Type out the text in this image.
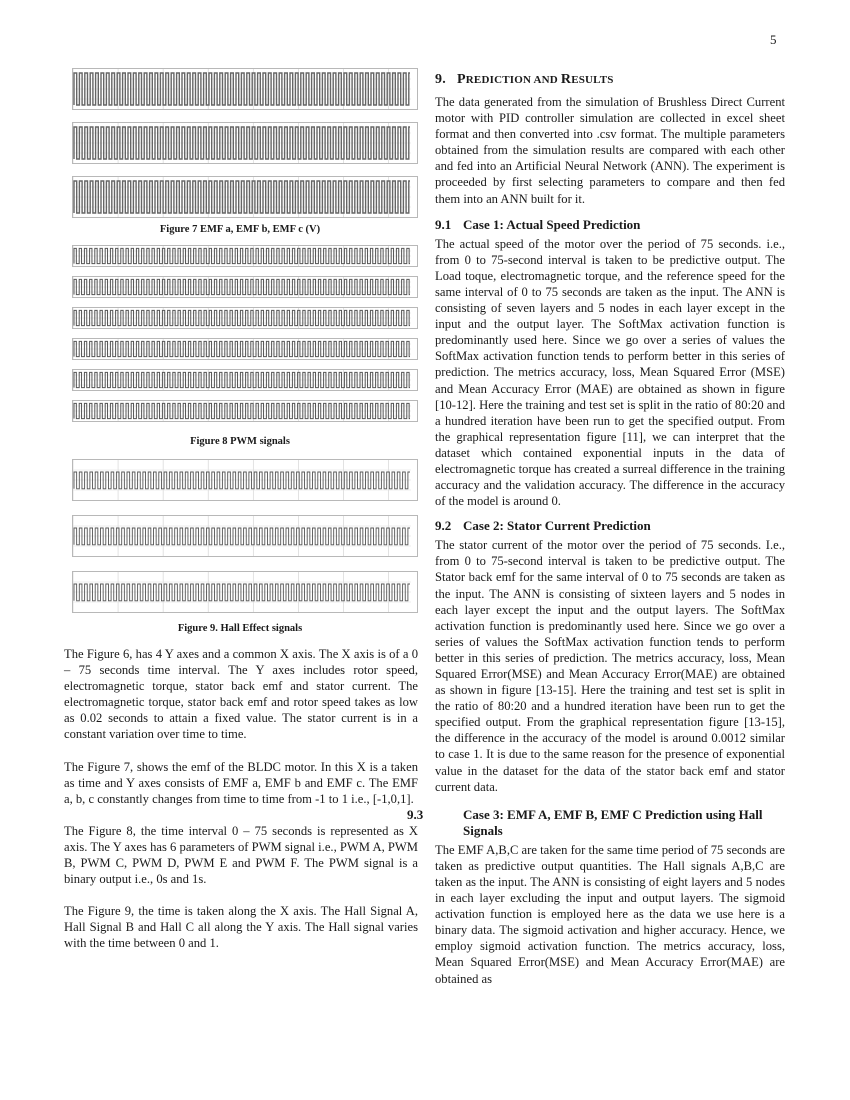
5
Figure 7 EMF a, EMF b, EMF c (V)
Figure 8 PWM signals
Figure 9. Hall Effect signals

The Figure 6, has 4 Y axes and a common X axis. The X axis is of a 0 – 75 seconds time interval. The Y axes includes rotor speed, electromagnetic torque, stator back emf and stator current. The electromagnetic torque, stator back emf and rotor speed takes as low as 0.02 seconds to attain a fixed value. The stator current is in a constant variation over time to time.

The Figure 7, shows the emf of the BLDC motor. In this X is a taken as time and Y axes consists of EMF a, EMF b and EMF c. The EMF a, b, c constantly changes from time to time from -1 to 1 i.e., [-1,0,1].

The Figure 8, the time interval 0 – 75 seconds is represented as X axis. The Y axes has 6 parameters of PWM signal i.e., PWM A, PWM B, PWM C, PWM D, PWM E and PWM F. The PWM signal is a binary output i.e., 0s and 1s.

The Figure 9, the time is taken along the X axis. The Hall Signal A, Hall Signal B and Hall C all along the Y axis. The Hall signal varies with the time between 0 and 1.

9. PREDICTION AND RESULTS

The data generated from the simulation of Brushless Direct Current motor with PID controller simulation are collected in excel sheet format and then converted into .csv format. The multiple parameters obtained from the simulation results are compared with each other and fed into an Artificial Neural Network (ANN). The experiment is proceeded by first selecting parameters to compare and then fed them into an ANN built for it.

9.1 Case 1: Actual Speed Prediction

The actual speed of the motor over the period of 75 seconds. i.e., from 0 to 75-second interval is taken to be predictive output. The Load toque, electromagnetic torque, and the reference speed for the same interval of 0 to 75 seconds are taken as the input. The ANN is consisting of seven layers and 5 nodes in each layer except in the input and the output layer. The SoftMax activation function is predominantly used here. Since we go over a series of values the SoftMax activation function tends to perform better in this series of prediction. The metrics accuracy, loss, Mean Squared Error (MSE) and Mean Accuracy Error (MAE) are obtained as shown in figure [10-12]. Here the training and test set is split in the ratio of 80:20 and a hundred iteration have been run to get the specified output. From the graphical representation figure [11], we can interpret that the dataset which contained exponential inputs in the data of electromagnetic torque has created a surreal difference in the training accuracy and the validation accuracy. The difference in the accuracy of the model is around 0.

9.2 Case 2: Stator Current Prediction

The stator current of the motor over the period of 75 seconds. I.e., from 0 to 75-second interval is taken to be predictive output. The Stator back emf for the same interval of 0 to 75 seconds are taken as the input. The ANN is consisting of sixteen layers and 5 nodes in each layer except the input and the output layers. The SoftMax activation function is predominantly used here. Since we go over a series of values the SoftMax activation function tends to perform better in this series of prediction. The metrics accuracy, loss, Mean Squared Error(MSE) and Mean Accuracy Error(MAE) are obtained as shown in figure [13-15]. Here the training and test set is split in the ratio of 80:20 and a hundred iteration have been run to get the specified output. From the graphical representation figure [13-15], the difference in the accuracy of the model is around 0.0012 similar to case 1. It is due to the same reason for the presence of exponential value in the dataset for the data of the stator back emf and stator current data.

9.3	Case 3: EMF A, EMF B, EMF C Prediction using Hall Signals

The EMF A,B,C are taken for the same time period of 75 seconds are taken as predictive output quantities. The Hall signals A,B,C are taken as the input. The ANN is consisting of eight layers and 5 nodes in each layer excluding the input and output layers. The sigmoid activation function is employed here as the data we use here is a binary data. The sigmoid activation and higher accuracy. Hence, we employ sigmoid activation function. The metrics accuracy, loss, Mean Squared Error(MSE) and Mean Accuracy Error(MAE) are obtained as
